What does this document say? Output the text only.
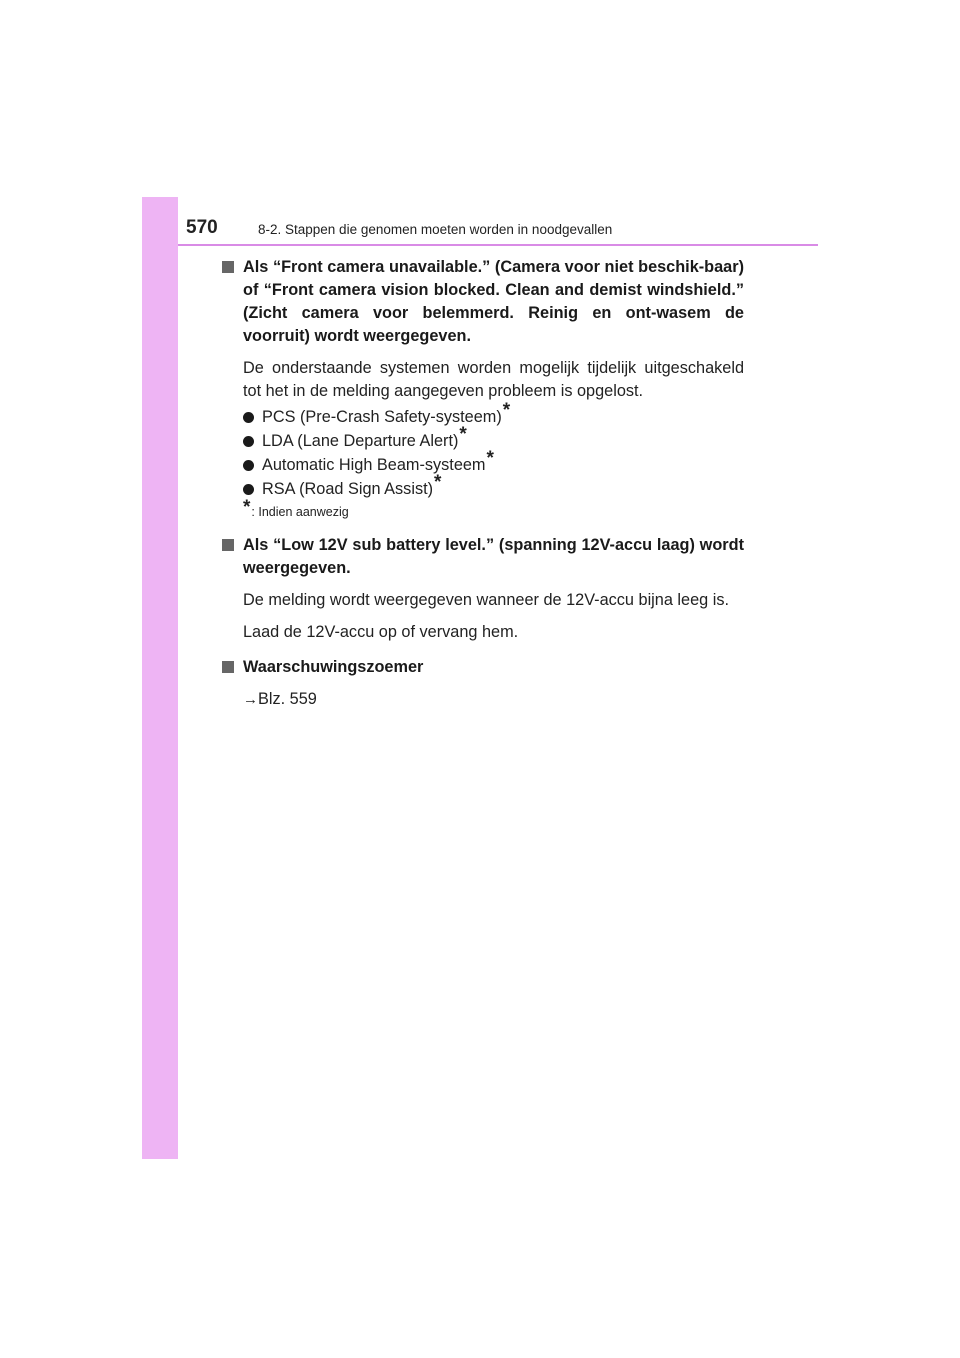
570	8-2. Stappen die genomen moeten worden in noodgevallen
Als “Front camera unavailable.” (Camera voor niet beschik-baar) of “Front camera vision blocked. Clean and demist windshield.” (Zicht camera voor belemmerd. Reinig en ont-wasem de voorruit) wordt weergegeven.
De onderstaande systemen worden mogelijk tijdelijk uitgeschakeld tot het in de melding aangegeven probleem is opgelost.
PCS (Pre-Crash Safety-systeem)*
LDA (Lane Departure Alert)*
Automatic High Beam-systeem*
RSA (Road Sign Assist)*
*: Indien aanwezig
Als “Low 12V sub battery level.” (spanning 12V-accu laag) wordt weergegeven.
De melding wordt weergegeven wanneer de 12V-accu bijna leeg is.
Laad de 12V-accu op of vervang hem.
Waarschuwingszoemer
→Blz. 559
